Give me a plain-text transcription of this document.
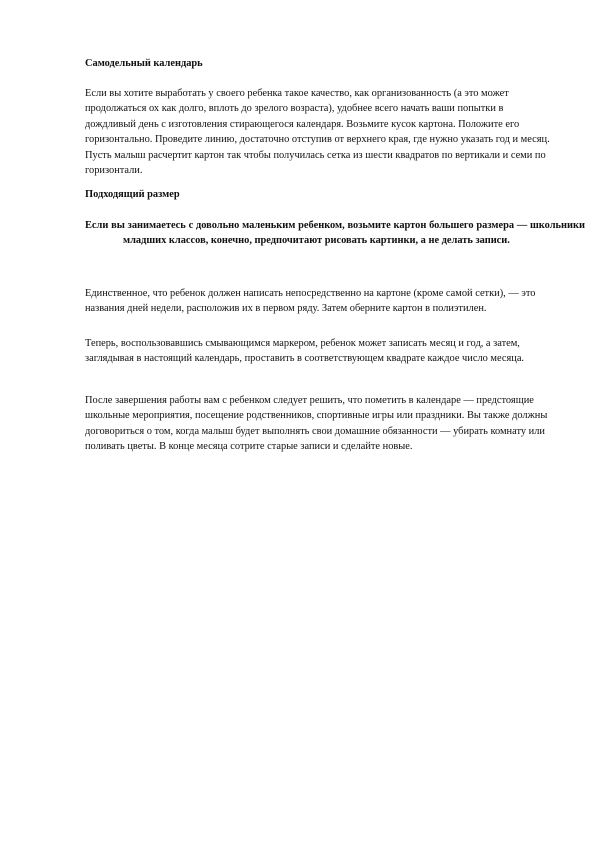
Самодельный календарь
Если вы хотите выработать у своего ребенка такое качество, как организованность (а это может продолжаться ох как долго, вплоть до зрелого возраста), удобнее всего начать ваши попытки в дождливый день с изготовления стирающегося календаря. Возьмите кусок картона. Положите его горизонтально. Проведите линию, достаточно отступив от верхнего края, где нужно указать год и месяц. Пусть малыш расчертит картон так чтобы получилась сетка из шести квадратов по вертикали и семи по горизонтали.
Подходящий размер
Если вы занимаетесь с довольно маленьким ребенком, возьмите картон большего размера — школьники младших классов, конечно, предпочитают рисовать картинки, а не делать записи.
Единственное, что ребенок должен написать непосредственно на картоне (кроме самой сетки), — это названия дней недели, расположив их в первом ряду. Затем оберните картон в полиэтилен.
Теперь, воспользовавшись смывающимся маркером, ребенок может записать месяц и год, а затем, заглядывая в настоящий календарь, проставить в соответствующем квадрате каждое число месяца.
После завершения работы вам с ребенком следует решить, что пометить в календаре — предстоящие школьные мероприятия, посещение родственников, спортивные игры или праздники. Вы также должны договориться о том, когда малыш будет выполнять свои домашние обязанности — убирать комнату или поливать цветы. В конце месяца сотрите старые записи и сделайте новые.
